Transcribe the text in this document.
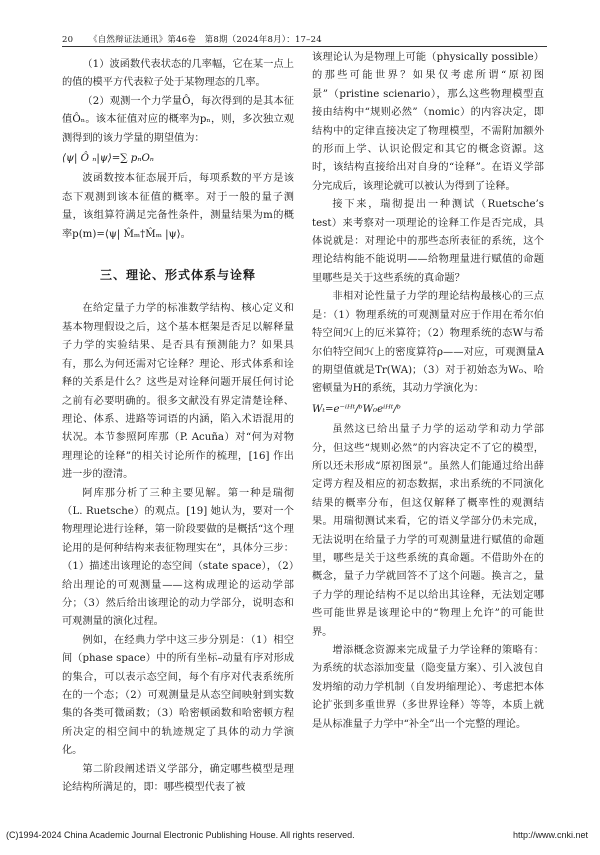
20 《自然辩证法通讯》第46卷　第8期（2024年8月）：17–24

（1）波函数代表状态的几率幅，它在某一点上的值的模平方代表粒子处于某物理态的几率。

（2）观测一个力学量Ô，每次得到的是其本征值Ôₙ。该本征值对应的概率为pₙ，则，多次独立观测得到的该力学量的期望值为：

⟨ψ| Ô ₙ|ψ⟩=∑ pₙOₙ

波函数按本征态展开后，每项系数的平方是该态下观测到该本征值的概率。对于一般的量子测量，该组算符满足完备性条件，测量结果为m的概率p(m)=⟨ψ| M̂ₘ†M̂ₘ |ψ⟩。

三、理论、形式体系与诠释

在给定量子力学的标准数学结构、核心定义和基本物理假设之后，这个基本框架是否足以解释量子力学的实验结果、是否具有预测能力？如果具有，那么为何还需对它诠释？理论、形式体系和诠释的关系是什么？这些是对诠释问题开展任何讨论之前有必要明确的。很多文献没有界定清楚诠释、理论、体系、进路等词语的内涵，陷入术语混用的状况。本节参照阿库那（P. Acuña）对“何为对物理理论的诠释”的相关讨论所作的梳理，[16] 作出进一步的澄清。

阿库那分析了三种主要见解。第一种是瑞彻（L. Ruetsche）的观点。[19] 她认为，要对一个物理理论进行诠释，第一阶段要做的是概括“这个理论用的是何种结构来表征物理实在”，具体分三步：（1）描述出该理论的态空间（state space），（2）给出理论的可观测量——这构成理论的运动学部分；（3）然后给出该理论的动力学部分，说明态和可观测量的演化过程。

例如，在经典力学中这三步分别是：（1）相空间（phase space）中的所有坐标–动量有序对形成的集合，可以表示态空间，每个有序对代表系统所在的一个态；（2）可观测量是从态空间映射到实数集的各类可微函数；（3）哈密顿函数和哈密顿方程所决定的相空间中的轨迹规定了具体的动力学演化。

第二阶段阐述语义学部分，确定哪些模型是理论结构所满足的，即：哪些模型代表了被

该理论认为是物理上可能（physically possible）的那些可能世界？如果仅考虑所谓“原初图景”（pristine scienario），那么这些物理模型直接由结构中“规则必然”（nomic）的内容决定，即结构中的定律直接决定了物理模型，不需附加额外的形而上学、认识论假定和其它的概念资源。这时，该结构直接给出对自身的“诠释”。在语义学部分完成后，该理论就可以被认为得到了诠释。

接下来，瑞彻提出一种测试（Ruetsche’s test）来考察对一项理论的诠释工作是否完成，具体说就是：对理论中的那些态所表征的系统，这个理论结构能不能说明——给物理量进行赋值的命题里哪些是关于这些系统的真命题？

非相对论性量子力学的理论结构最核心的三点是：（1）物理系统的可观测量对应于作用在希尔伯特空间ℋ上的厄米算符；（2）物理系统的态W与希尔伯特空间ℋ上的密度算符ρ——对应，可观测量A的期望值就是Tr(WA)；（3）对于初始态为W₀、哈密顿量为H的系统，其动力学演化为：

Wₜ=e⁻ⁱᴴᵗ/ᵇW₀eⁱᴴᵗ/ᵇ

虽然这已给出量子力学的运动学和动力学部分，但这些“规则必然”的内容决定不了它的模型，所以还未形成“原初图景”。虽然人们能通过给出薛定谔方程及相应的初态数据，求出系统的不同演化结果的概率分布，但这仅解释了概率性的观测结果。用瑞彻测试来看，它的语义学部分仍未完成，无法说明在给量子力学的可观测量进行赋值的命题里，哪些是关于这些系统的真命题。不借助外在的概念，量子力学就回答不了这个问题。换言之，量子力学的理论结构不足以给出其诠释，无法划定哪些可能世界是该理论中的“物理上允许”的可能世界。

增添概念资源来完成量子力学诠释的策略有：为系统的状态添加变量（隐变量方案）、引入波包自发坍缩的动力学机制（自发坍缩理论）、考虑把本体论扩张到多重世界（多世界诠释）等等，本质上就是从标准量子力学中“补全”出一个完整的理论。

(C)1994-2024 China Academic Journal Electronic Publishing House. All rights reserved.	http://www.cnki.net
